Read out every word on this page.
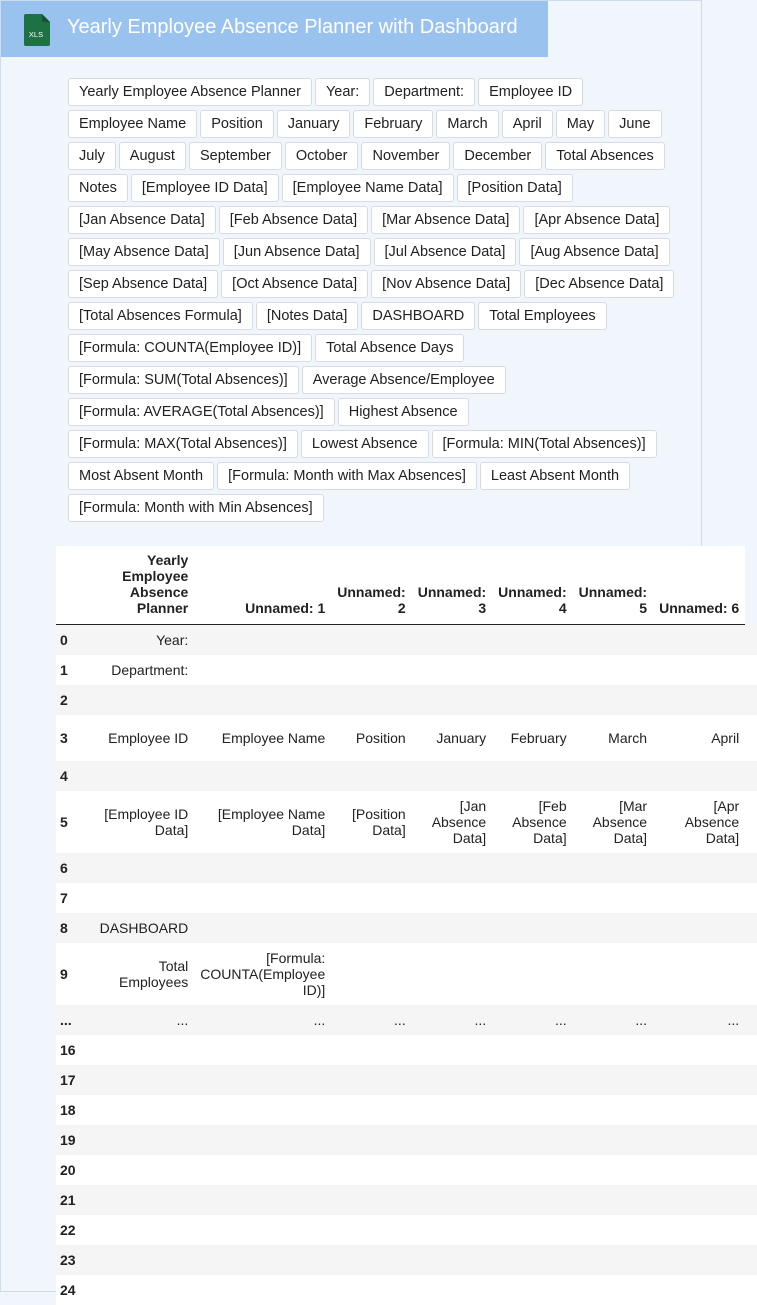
XLS Yearly Employee Absence Planner with Dashboard
Yearly Employee Absence Planner	Year:	Department:	Employee ID
Employee Name	Position	January	February	March	April	May	June
July	August	September	October	November	December	Total Absences
Notes	[Employee ID Data]	[Employee Name Data]	[Position Data]
[Jan Absence Data]	[Feb Absence Data]	[Mar Absence Data]	[Apr Absence Data]
[May Absence Data]	[Jun Absence Data]	[Jul Absence Data]	[Aug Absence Data]
[Sep Absence Data]	[Oct Absence Data]	[Nov Absence Data]	[Dec Absence Data]
[Total Absences Formula]	[Notes Data]	DASHBOARD	Total Employees
[Formula: COUNTA(Employee ID)]	Total Absence Days
[Formula: SUM(Total Absences)]	Average Absence/Employee
[Formula: AVERAGE(Total Absences)]	Highest Absence
[Formula: MAX(Total Absences)]	Lowest Absence	[Formula: MIN(Total Absences)]
Most Absent Month	[Formula: Month with Max Absences]	Least Absent Month
[Formula: Month with Min Absences]
	Yearly Employee Absence Planner	Unnamed: 1	Unnamed: 2	Unnamed: 3	Unnamed: 4	Unnamed: 5	Unnamed: 6	
0	Year:							
1	Department:							
2								
3	Employee ID	Employee Name	Position	January	February	March	April	
4								
5	[Employee ID Data]	[Employee Name Data]	[Position Data]	[Jan Absence Data]	[Feb Absence Data]	[Mar Absence Data]	[Apr Absence Data]	
6								
7								
8	DASHBOARD							
9	Total Employees	[Formula: COUNTA(Employee ID)]						
...	...	...	...	...	...	...	...	
16								
17								
18								
19								
20								
21								
22								
23								
24								
